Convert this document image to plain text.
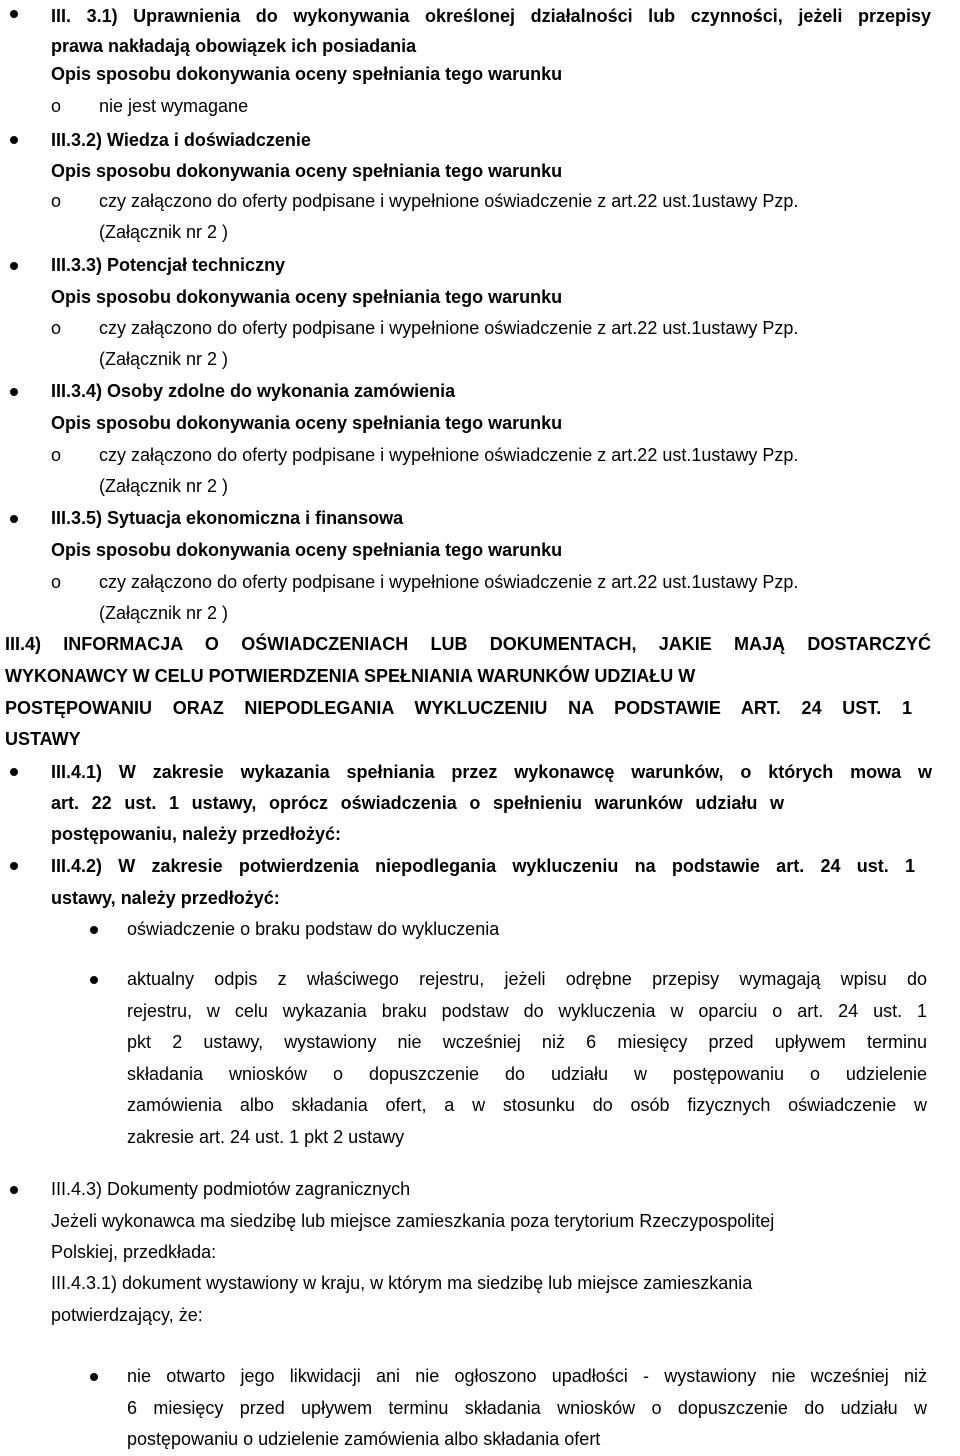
III. 3.1) Uprawnienia do wykonywania określonej działalności lub czynności, jeżeli przepisy
prawa nakładają obowiązek ich posiadania
Opis sposobu dokonywania oceny spełniania tego warunku
o nie jest wymagane
III.3.2) Wiedza i doświadczenie
Opis sposobu dokonywania oceny spełniania tego warunku
o czy załączono do oferty podpisane i wypełnione oświadczenie z art.22 ust.1ustawy Pzp.
(Załącznik nr 2 )
III.3.3) Potencjał techniczny
Opis sposobu dokonywania oceny spełniania tego warunku
o czy załączono do oferty podpisane i wypełnione oświadczenie z art.22 ust.1ustawy Pzp.
(Załącznik nr 2 )
III.3.4) Osoby zdolne do wykonania zamówienia
Opis sposobu dokonywania oceny spełniania tego warunku
o czy załączono do oferty podpisane i wypełnione oświadczenie z art.22 ust.1ustawy Pzp.
(Załącznik nr 2 )
III.3.5) Sytuacja ekonomiczna i finansowa
Opis sposobu dokonywania oceny spełniania tego warunku
o czy załączono do oferty podpisane i wypełnione oświadczenie z art.22 ust.1ustawy Pzp.
(Załącznik nr 2 )
III.4) INFORMACJA O OŚWIADCZENIACH LUB DOKUMENTACH, JAKIE MAJĄ DOSTARCZYĆ
WYKONAWCY W CELU POTWIERDZENIA SPEŁNIANIA WARUNKÓW UDZIAŁU W
POSTĘPOWANIU ORAZ NIEPODLEGANIA WYKLUCZENIU NA PODSTAWIE ART. 24 UST. 1
USTAWY
III.4.1) W zakresie wykazania spełniania przez wykonawcę warunków, o których mowa w
art. 22 ust. 1 ustawy, oprócz oświadczenia o spełnieniu warunków udziału w
postępowaniu, należy przedłożyć:
III.4.2) W zakresie potwierdzenia niepodlegania wykluczeniu na podstawie art. 24 ust. 1
ustawy, należy przedłożyć:
oświadczenie o braku podstaw do wykluczenia
aktualny odpis z właściwego rejestru, jeżeli odrębne przepisy wymagają wpisu do
rejestru, w celu wykazania braku podstaw do wykluczenia w oparciu o art. 24 ust. 1
pkt 2 ustawy, wystawiony nie wcześniej niż 6 miesięcy przed upływem terminu
składania wniosków o dopuszczenie do udziału w postępowaniu o udzielenie
zamówienia albo składania ofert, a w stosunku do osób fizycznych oświadczenie w
zakresie art. 24 ust. 1 pkt 2 ustawy
III.4.3) Dokumenty podmiotów zagranicznych
Jeżeli wykonawca ma siedzibę lub miejsce zamieszkania poza terytorium Rzeczypospolitej
Polskiej, przedkłada:
III.4.3.1) dokument wystawiony w kraju, w którym ma siedzibę lub miejsce zamieszkania
potwierdzający, że:
nie otwarto jego likwidacji ani nie ogłoszono upadłości - wystawiony nie wcześniej niż
6 miesięcy przed upływem terminu składania wniosków o dopuszczenie do udziału w
postępowaniu o udzielenie zamówienia albo składania ofert
